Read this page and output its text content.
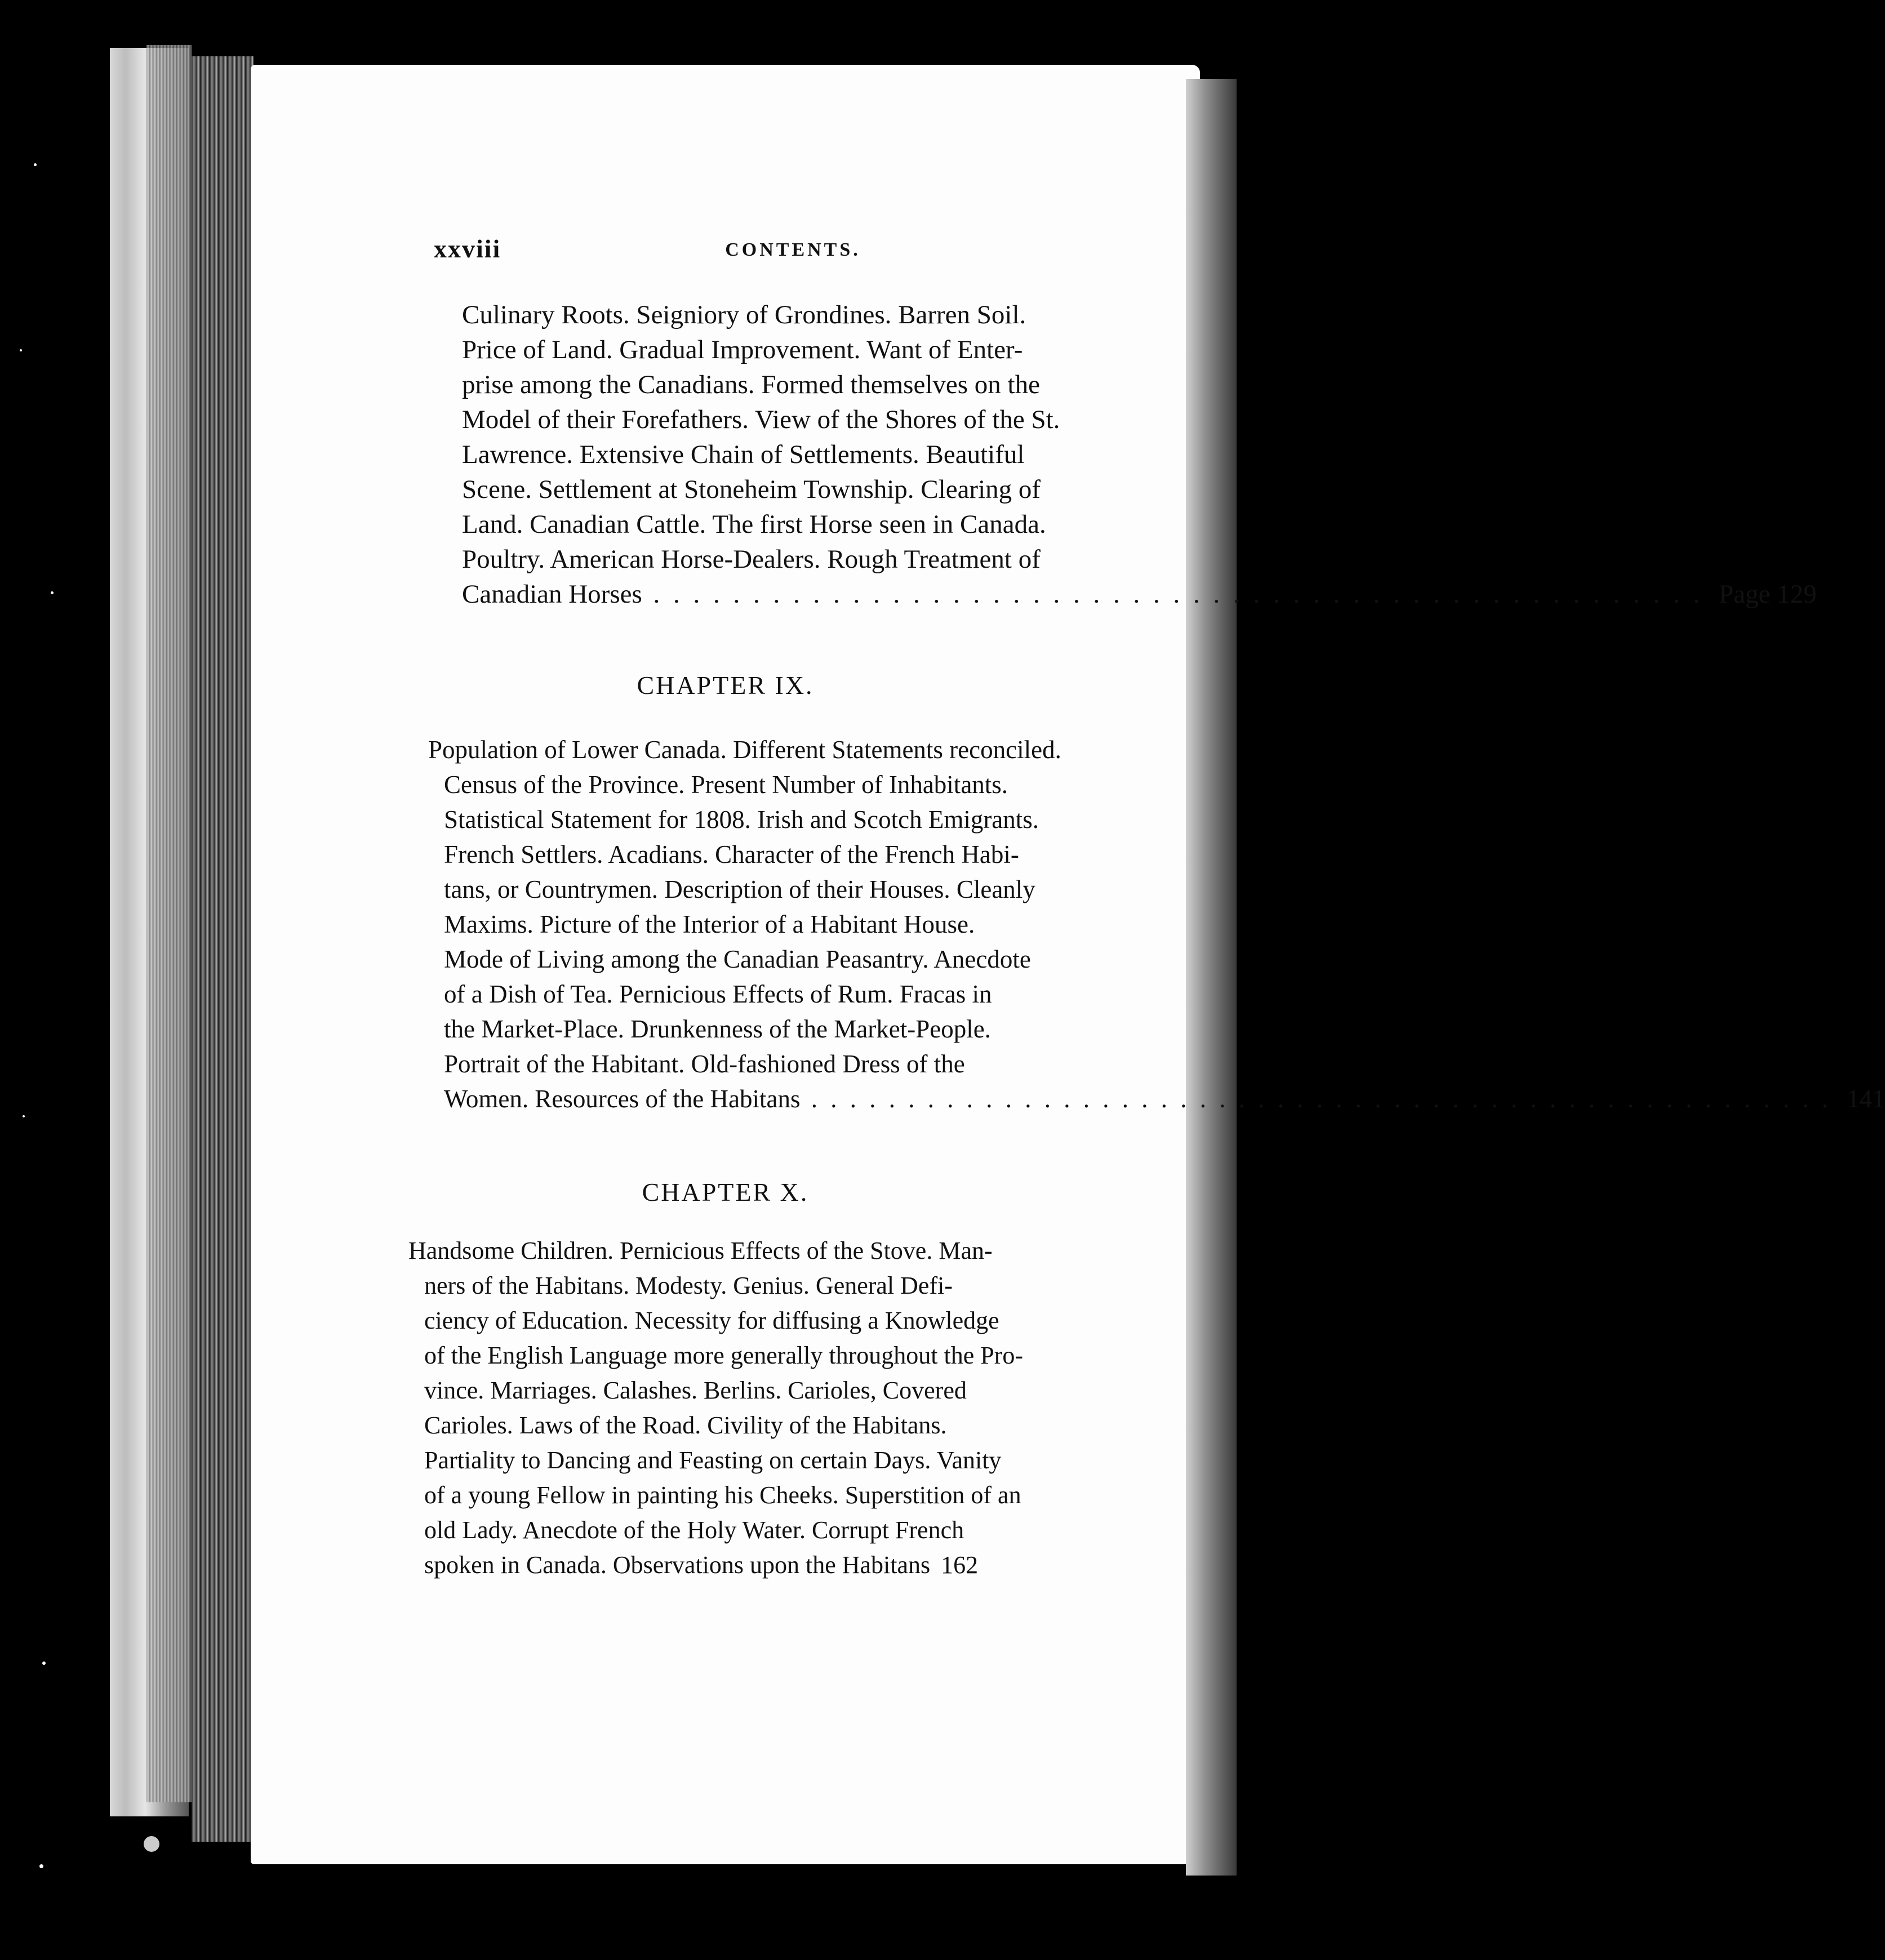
xxviii	CONTENTS.
Culinary Roots. Seigniory of Grondines. Barren Soil.
Price of Land. Gradual Improvement. Want of Enter-
prise among the Canadians. Formed themselves on the
Model of their Forefathers. View of the Shores of the St.
Lawrence. Extensive Chain of Settlements. Beautiful
Scene. Settlement at Stoneheim Township. Clearing of
Land. Canadian Cattle. The first Horse seen in Canada.
Poultry. American Horse-Dealers. Rough Treatment of
Canadian Horses . . .	Page 129
CHAPTER IX.
Population of Lower Canada. Different Statements reconciled.
Census of the Province. Present Number of Inhabitants.
Statistical Statement for 1808. Irish and Scotch Emigrants.
French Settlers. Acadians. Character of the French Habi-
tans, or Countrymen. Description of their Houses. Cleanly
Maxims. Picture of the Interior of a Habitant House.
Mode of Living among the Canadian Peasantry. Anecdote
of a Dish of Tea. Pernicious Effects of Rum. Fracas in
the Market-Place. Drunkenness of the Market-People.
Portrait of the Habitant. Old-fashioned Dress of the
Women. Resources of the Habitans . . .	141
CHAPTER X.
Handsome Children. Pernicious Effects of the Stove. Man-
ners of the Habitans. Modesty. Genius. General Defi-
ciency of Education. Necessity for diffusing a Knowledge
of the English Language more generally throughout the Pro-
vince. Marriages. Calashes. Berlins. Carioles, Covered
Carioles. Laws of the Road. Civility of the Habitans.
Partiality to Dancing and Feasting on certain Days. Vanity
of a young Fellow in painting his Cheeks. Superstition of an
old Lady. Anecdote of the Holy Water. Corrupt French
spoken in Canada. Observations upon the Habitans 162
